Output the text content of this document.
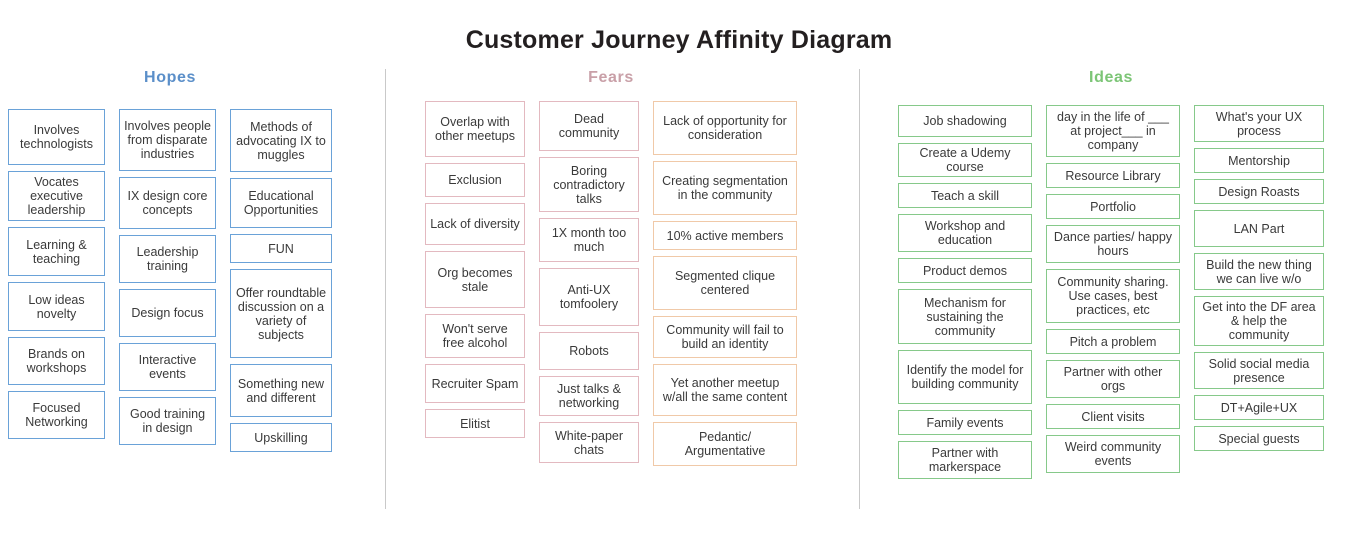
Customer Journey Affinity Diagram
Hopes
Involves technologists
Vocates executive leadership
Learning & teaching
Low ideas novelty
Brands on workshops
Focused Networking
Involves people from disparate industries
IX design core concepts
Leadership training
Design focus
Interactive events
Good training in design
Methods of advocating IX to muggles
Educational Opportunities
FUN
Offer roundtable discussion on a variety of subjects
Something new and different
Upskilling
Fears
Overlap with other meetups
Exclusion
Lack of diversity
Org becomes stale
Won't serve free alcohol
Recruiter Spam
Elitist
Dead community
Boring contradictory talks
1X month too much
Anti-UX tomfoolery
Robots
Just talks & networking
White-paper chats
Lack of opportunity for consideration
Creating segmentation in the community
10% active members
Segmented clique centered
Community will fail to build an identity
Yet another meetup w/all the same content
Pedantic/ Argumentative
Ideas
Job shadowing
Create a Udemy course
Teach a skill
Workshop and education
Product demos
Mechanism for sustaining the community
Identify the model for building community
Family events
Partner with markerspace
day in the life of ___ at project___ in company
Resource Library
Portfolio
Dance parties/ happy hours
Community sharing. Use cases, best practices, etc
Pitch a problem
Partner with other orgs
Client visits
Weird community events
What's your UX process
Mentorship
Design Roasts
LAN Part
Build the new thing we can live w/o
Get into the DF area & help the community
Solid social media presence
DT+Agile+UX
Special guests
